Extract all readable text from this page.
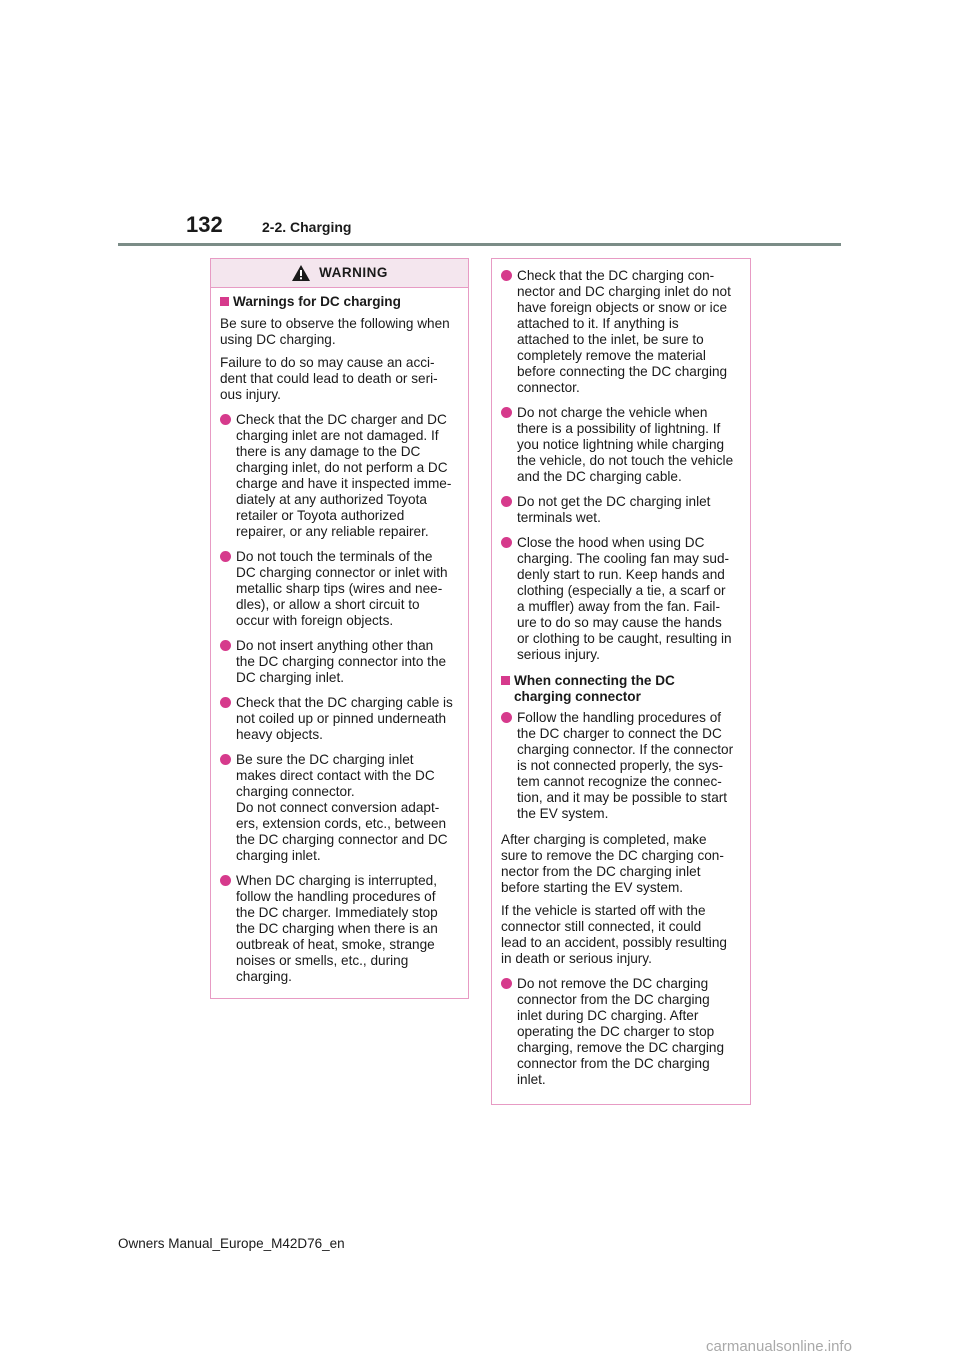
132	2-2. Charging
WARNING
Warnings for DC charging

Be sure to observe the following when
using DC charging.

Failure to do so may cause an acci-
dent that could lead to death or seri-
ous injury.

Check that the DC charger and DC
charging inlet are not damaged. If
there is any damage to the DC
charging inlet, do not perform a DC
charge and have it inspected imme-
diately at any authorized Toyota
retailer or Toyota authorized
repairer, or any reliable repairer.
Do not touch the terminals of the
DC charging connector or inlet with
metallic sharp tips (wires and nee-
dles), or allow a short circuit to
occur with foreign objects.
Do not insert anything other than
the DC charging connector into the
DC charging inlet.
Check that the DC charging cable is
not coiled up or pinned underneath
heavy objects.
Be sure the DC charging inlet
makes direct contact with the DC
charging connector.
Do not connect conversion adapt-
ers, extension cords, etc., between
the DC charging connector and DC
charging inlet.
When DC charging is interrupted,
follow the handling procedures of
the DC charger. Immediately stop
the DC charging when there is an
outbreak of heat, smoke, strange
noises or smells, etc., during
charging.
Check that the DC charging con-
nector and DC charging inlet do not
have foreign objects or snow or ice
attached to it. If anything is
attached to the inlet, be sure to
completely remove the material
before connecting the DC charging
connector.
Do not charge the vehicle when
there is a possibility of lightning. If
you notice lightning while charging
the vehicle, do not touch the vehicle
and the DC charging cable.
Do not get the DC charging inlet
terminals wet.
Close the hood when using DC
charging. The cooling fan may sud-
denly start to run. Keep hands and
clothing (especially a tie, a scarf or
a muffler) away from the fan. Fail-
ure to do so may cause the hands
or clothing to be caught, resulting in
serious injury.
When connecting the DC
charging connector
Follow the handling procedures of
the DC charger to connect the DC
charging connector. If the connector
is not connected properly, the sys-
tem cannot recognize the connec-
tion, and it may be possible to start
the EV system.

After charging is completed, make
sure to remove the DC charging con-
nector from the DC charging inlet
before starting the EV system.

If the vehicle is started off with the
connector still connected, it could
lead to an accident, possibly resulting
in death or serious injury.

Do not remove the DC charging
connector from the DC charging
inlet during DC charging. After
operating the DC charger to stop
charging, remove the DC charging
connector from the DC charging
inlet.
Owners Manual_Europe_M42D76_en
carmanualsonline.info
